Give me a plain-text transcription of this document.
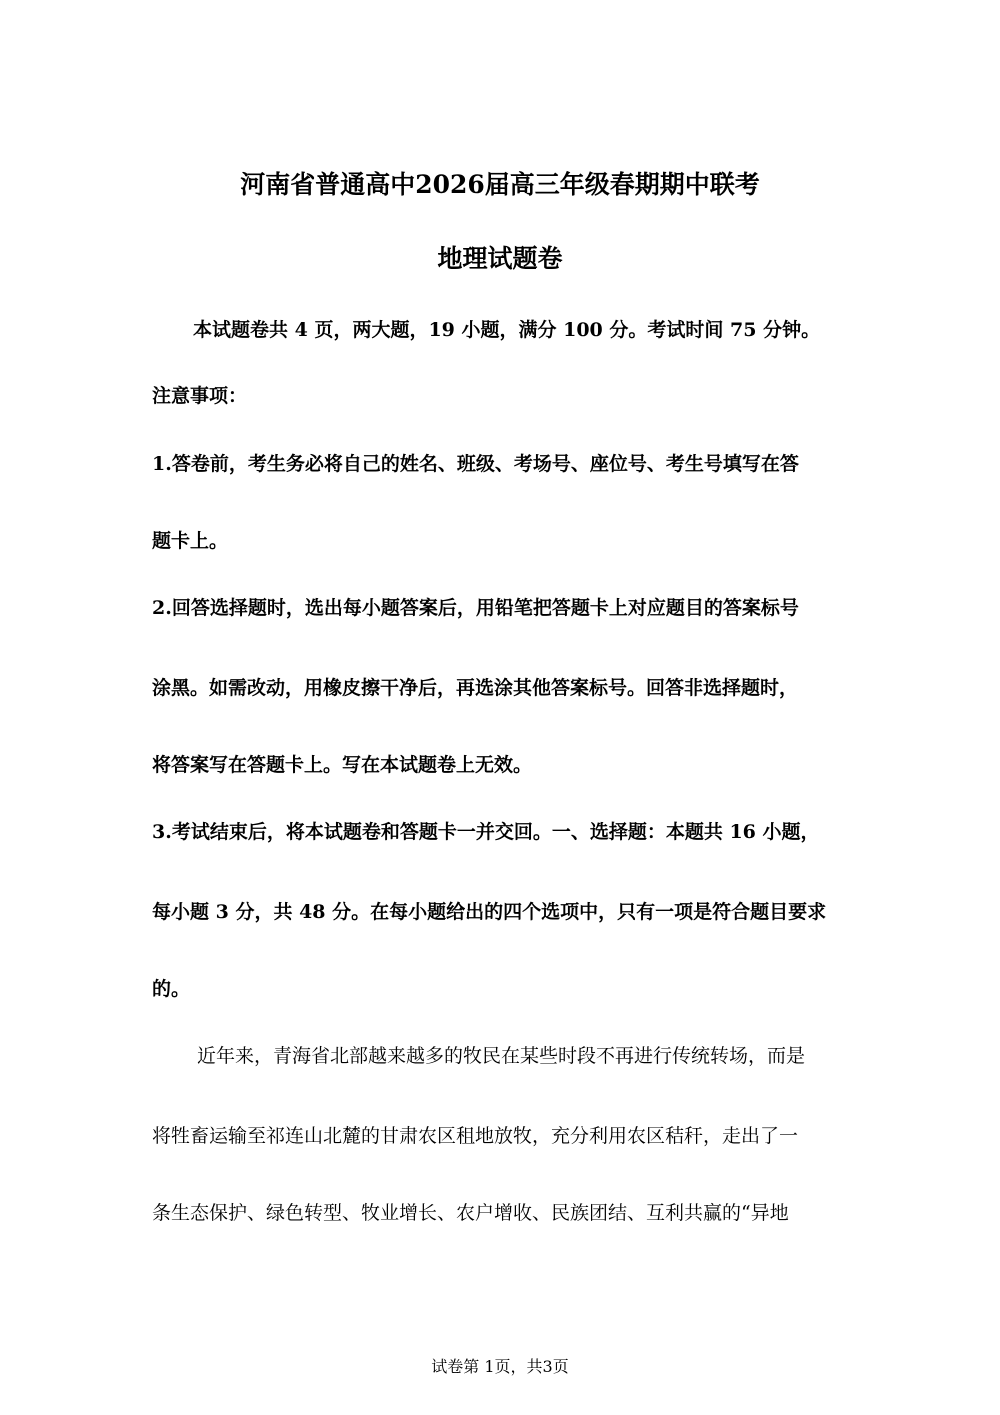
河南省普通高中2026届高三年级春期期中联考
地理试题卷
本试题卷共 4 页，两大题，19 小题，满分 100 分。考试时间 75 分钟。
注意事项：
1.答卷前，考生务必将自己的姓名、班级、考场号、座位号、考生号填写在答
题卡上。
2.回答选择题时，选出每小题答案后，用铅笔把答题卡上对应题目的答案标号
涂黑。如需改动，用橡皮擦干净后，再选涂其他答案标号。回答非选择题时，
将答案写在答题卡上。写在本试题卷上无效。
3.考试结束后，将本试题卷和答题卡一并交回。一、选择题：本题共 16 小题，
每小题 3 分，共 48 分。在每小题给出的四个选项中，只有一项是符合题目要求
的。
近年来，青海省北部越来越多的牧民在某些时段不再进行传统转场，而是
将牲畜运输至祁连山北麓的甘肃农区租地放牧，充分利用农区秸秆，走出了一
条生态保护、绿色转型、牧业增长、农户增收、民族团结、互利共赢的“异地
试卷第 1页，共3页
